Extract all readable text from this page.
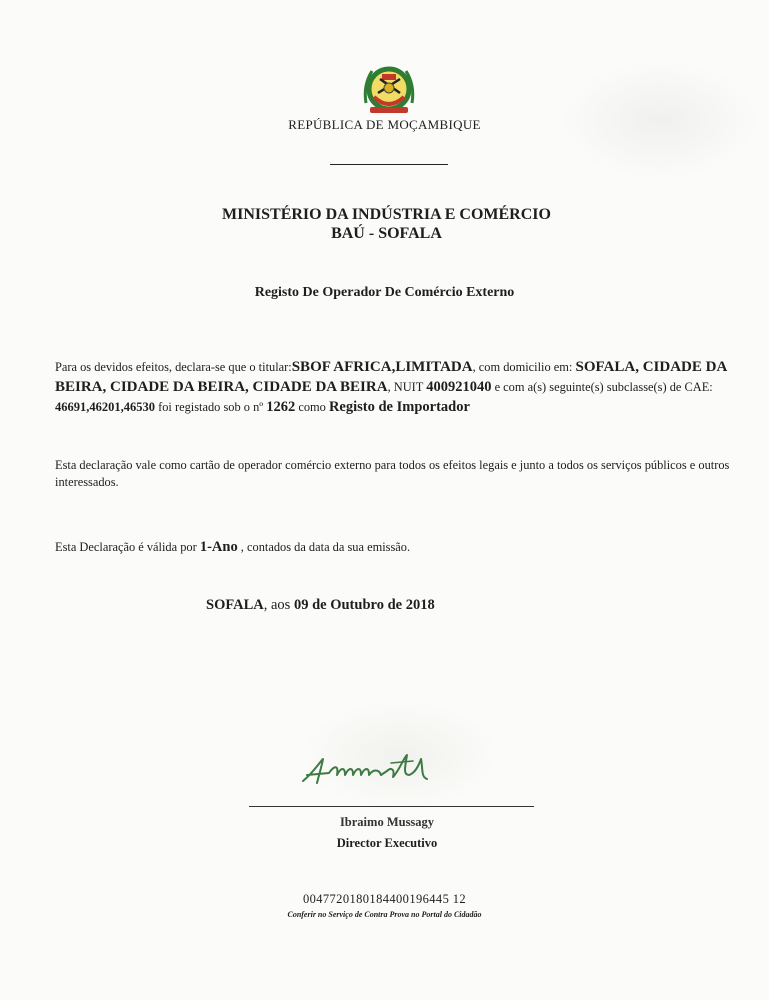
REPÚBLICA DE MOÇAMBIQUE
MINISTÉRIO DA INDÚSTRIA E COMÉRCIO
BAÚ - SOFALA
Registo De Operador De Comércio Externo
Para os devidos efeitos, declara-se que o titular:SBOF AFRICA,LIMITADA, com domicilio em: SOFALA, CIDADE DA BEIRA, CIDADE DA BEIRA, CIDADE DA BEIRA, NUIT 400921040 e com a(s) seguinte(s) subclasse(s) de CAE: 46691,46201,46530 foi registado sob o nº 1262 como Registo de Importador
Esta declaração vale como cartão de operador comércio externo para todos os efeitos legais e junto a todos os serviços públicos e outros interessados.
Esta Declaração é válida por 1-Ano , contados da data da sua emissão.
SOFALA, aos 09 de Outubro de 2018
Ibraimo Mussagy
Director Executivo
0047720180184400196445 12
Conferir no Serviço de Contra Prova no Portal do Cidadão
